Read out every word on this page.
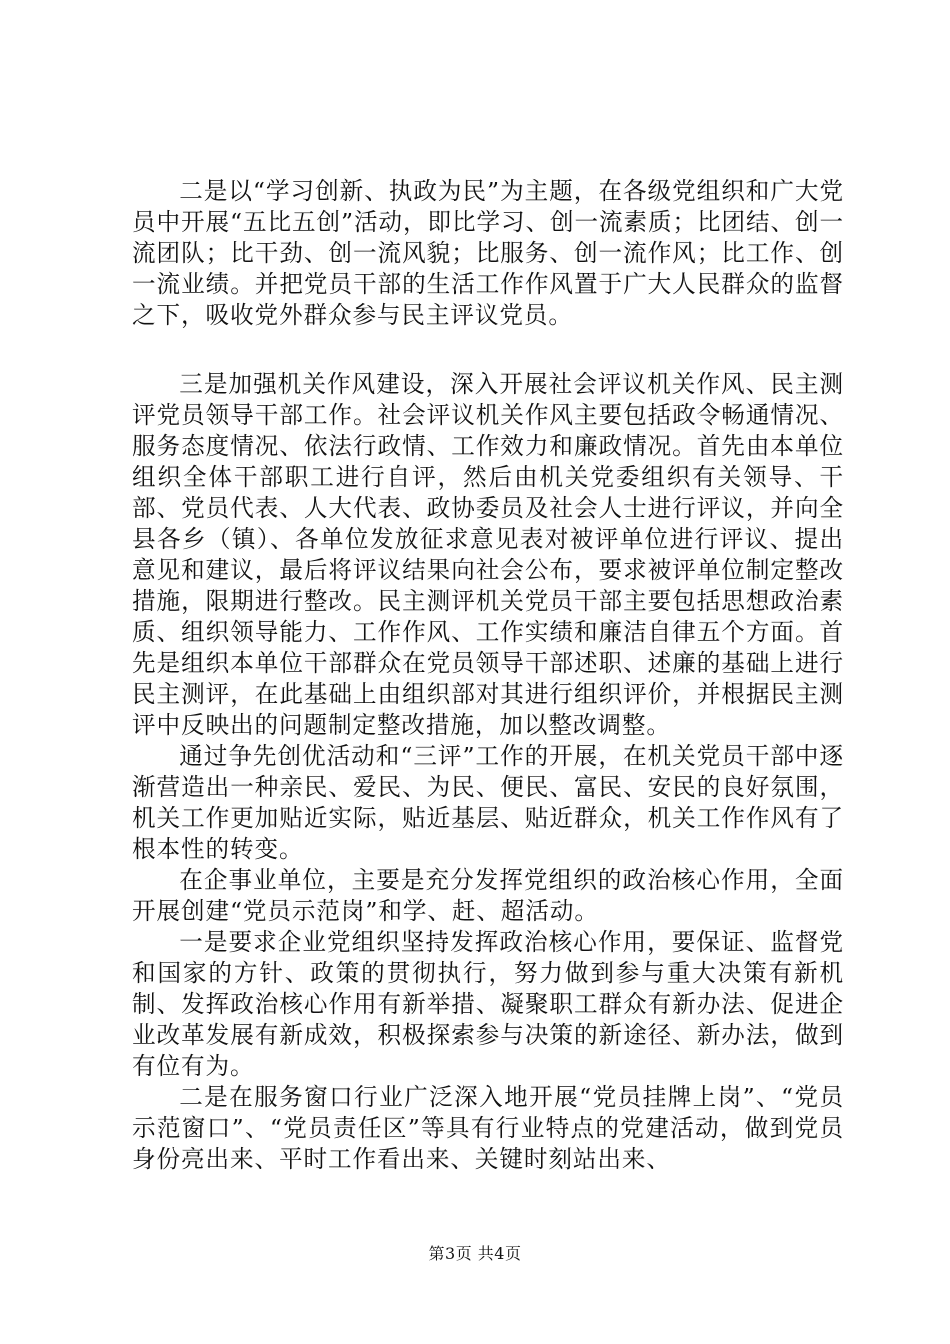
二是以“学习创新、执政为民”为主题，在各级党组织和广大党员中开展“五比五创”活动，即比学习、创一流素质；比团结、创一流团队；比干劲、创一流风貌；比服务、创一流作风；比工作、创一流业绩。并把党员干部的生活工作作风置于广大人民群众的监督之下，吸收党外群众参与民主评议党员。

三是加强机关作风建设，深入开展社会评议机关作风、民主测评党员领导干部工作。社会评议机关作风主要包括政令畅通情况、服务态度情况、依法行政情、工作效力和廉政情况。首先由本单位组织全体干部职工进行自评，然后由机关党委组织有关领导、干部、党员代表、人大代表、政协委员及社会人士进行评议，并向全县各乡（镇）、各单位发放征求意见表对被评单位进行评议、提出意见和建议，最后将评议结果向社会公布，要求被评单位制定整改措施，限期进行整改。民主测评机关党员干部主要包括思想政治素质、组织领导能力、工作作风、工作实绩和廉洁自律五个方面。首先是组织本单位干部群众在党员领导干部述职、述廉的基础上进行民主测评，在此基础上由组织部对其进行组织评价，并根据民主测评中反映出的问题制定整改措施，加以整改调整。

通过争先创优活动和“三评”工作的开展，在机关党员干部中逐渐营造出一种亲民、爱民、为民、便民、富民、安民的良好氛围，机关工作更加贴近实际，贴近基层、贴近群众，机关工作作风有了根本性的转变。

在企事业单位，主要是充分发挥党组织的政治核心作用，全面开展创建“党员示范岗”和学、赶、超活动。

一是要求企业党组织坚持发挥政治核心作用，要保证、监督党和国家的方针、政策的贯彻执行，努力做到参与重大决策有新机制、发挥政治核心作用有新举措、凝聚职工群众有新办法、促进企业改革发展有新成效，积极探索参与决策的新途径、新办法，做到有位有为。

二是在服务窗口行业广泛深入地开展“党员挂牌上岗”、“党员示范窗口”、“党员责任区”等具有行业特点的党建活动，做到党员身份亮出来、平时工作看出来、关键时刻站出来、

第3页 共4页
